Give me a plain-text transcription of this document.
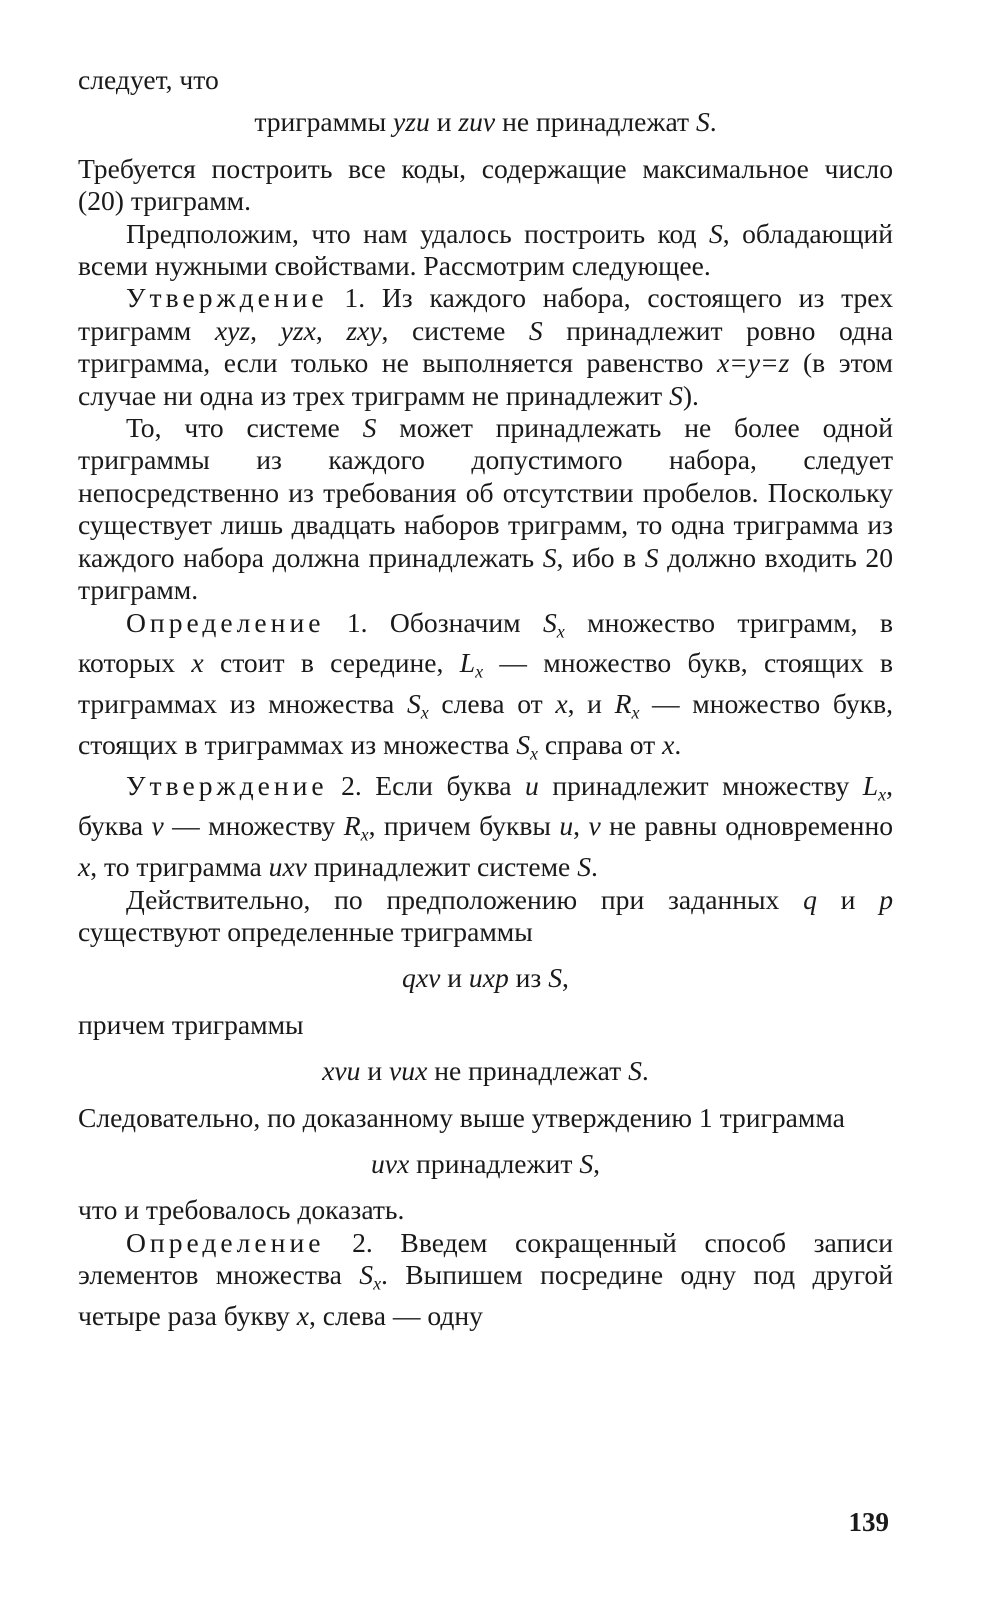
следует, что

триграммы yzu и zuv не принадлежат S.

Требуется построить все коды, содержащие максимальное число (20) триграмм.

Предположим, что нам удалось построить код S, обладающий всеми нужными свойствами. Рассмотрим следующее.

Утверждение 1. Из каждого набора, состоящего из трех триграмм xyz, yzx, zxy, системе S принадлежит ровно одна триграмма, если только не выполняется равенство x=y=z (в этом случае ни одна из трех триграмм не принадлежит S).

То, что системе S может принадлежать не более одной триграммы из каждого допустимого набора, следует непосредственно из требования об отсутствии пробелов. Поскольку существует лишь двадцать наборов триграмм, то одна триграмма из каждого набора должна принадлежать S, ибо в S должно входить 20 триграмм.

Определение 1. Обозначим $S_x$ множество триграмм, в которых x стоит в середине, $L_x$ — множество букв, стоящих в триграммах из множества $S_x$ слева от x, и $R_x$ — множество букв, стоящих в триграммах из множества $S_x$ справа от x.

Утверждение 2. Если буква u принадлежит множеству $L_x$, буква v — множеству $R_x$, причем буквы u, v не равны одновременно x, то триграмма uxv принадлежит системе S.

Действительно, по предположению при заданных q и p существуют определенные триграммы

qxv и uxp из S,

причем триграммы

xvu и vux не принадлежат S.

Следовательно, по доказанному выше утверждению 1 триграмма

uvx принадлежит S,

что и требовалось доказать.

Определение 2. Введем сокращенный способ записи элементов множества $S_x$. Выпишем посредине одну под другой четыре раза букву x, слева — одну

139
